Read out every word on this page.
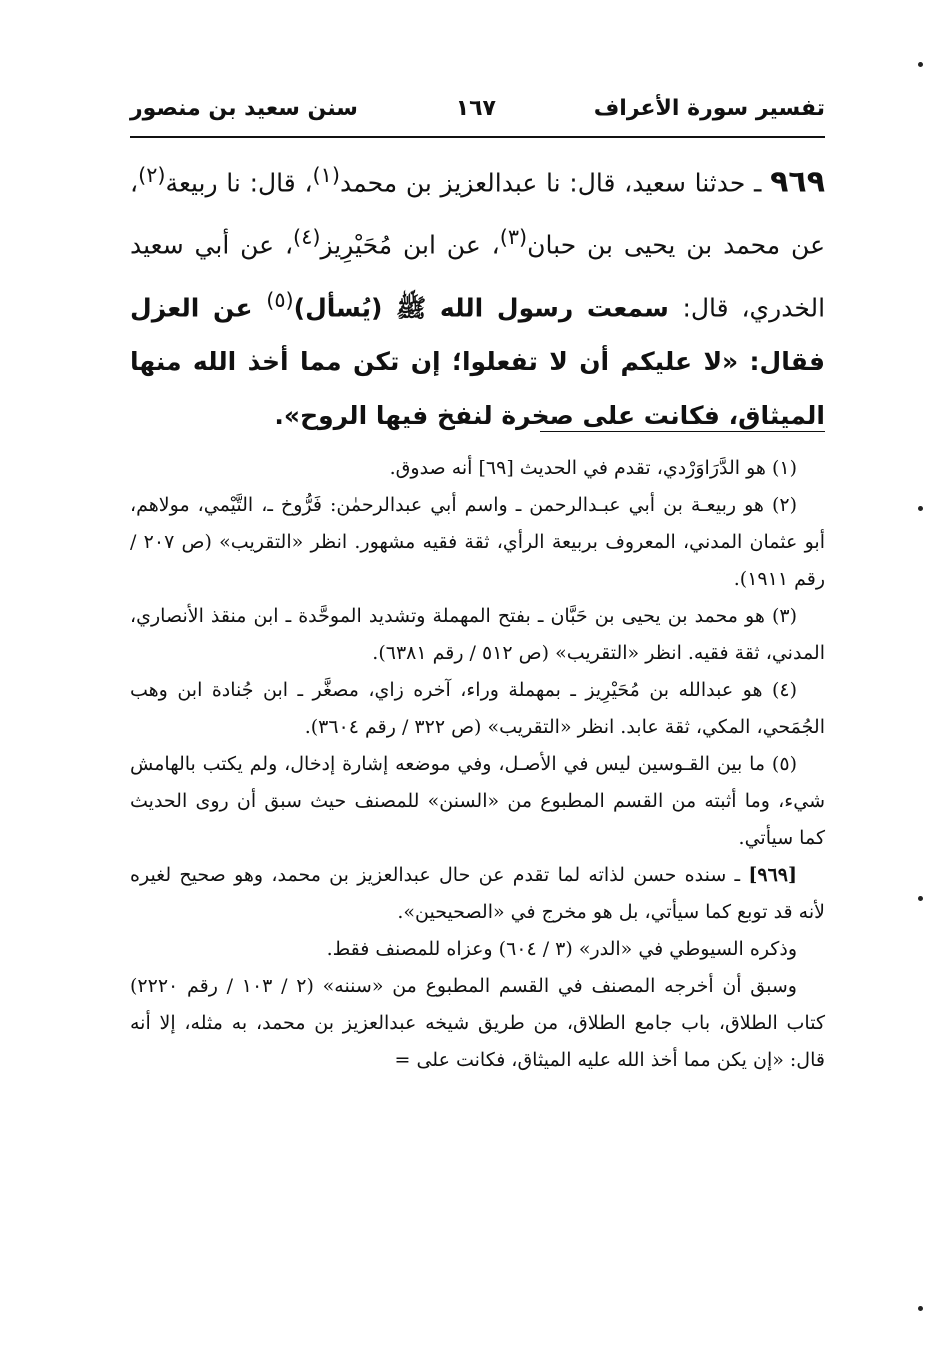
تفسير سورة الأعراف
١٦٧
سنن سعيد بن منصور
٩٦٩ ـ حدثنا سعيد، قال: نا عبدالعزيز بن محمد$^{(١)}$، قال: نا ربيعة$^{(٢)}$، عن محمد بن يحيى بن حبان$^{(٣)}$، عن ابن مُحَيْرِيز$^{(٤)}$، عن أبي سعيد الخدري، قال: سمعت رسول الله ﷺ (يُسأل)$^{(٥)}$ عن العزل فقال: «لا عليكم أن لا تفعلوا؛ إن تكن مما أخذ الله منها الميثاق، فكانت على صخرة لنفخ فيها الروح».

(١) هو الدَّرَاوَرْدي، تقدم في الحديث [٦٩] أنه صدوق.

(٢) هو ربيعـة بن أبي عبـدالرحمن ـ واسم أبي عبدالرحمٰن: فَرُّوخ ـ، التَّيْمي، مولاهم، أبو عثمان المدني، المعروف بربيعة الرأي، ثقة فقيه مشهور. انظر «التقريب» (ص ٢٠٧ / رقم ١٩١١).

(٣) هو محمد بن يحيى بن حَبَّان ـ بفتح المهملة وتشديد الموحَّدة ـ ابن منقذ الأنصاري، المدني، ثقة فقيه. انظر «التقريب» (ص ٥١٢ / رقم ٦٣٨١).

(٤) هو عبدالله بن مُحَيْرِيز ـ بمهملة وراء، آخره زاي، مصغَّر ـ ابن جُنادة ابن وهب الجُمَحي، المكي، ثقة عابد. انظر «التقريب» (ص ٣٢٢ / رقم ٣٦٠٤).

(٥) ما بين القـوسين ليس في الأصـل، وفي موضعه إشارة إدخال، ولم يكتب بالهامش شيء، وما أثبته من القسم المطبوع من «السنن» للمصنف حيث سبق أن روى الحديث كما سيأتي.

[٩٦٩] ـ سنده حسن لذاته لما تقدم عن حال عبدالعزيز بن محمد، وهو صحيح لغيره لأنه قد توبع كما سيأتي، بل هو مخرج في «الصحيحين».

وذكره السيوطي في «الدر» (٣ / ٦٠٤) وعزاه للمصنف فقط.

وسبق أن أخرجه المصنف في القسم المطبوع من «سننه» (٢ / ١٠٣ / رقم ٢٢٢٠) كتاب الطلاق، باب جامع الطلاق، من طريق شيخه عبدالعزيز بن محمد، به مثله، إلا أنه قال: «إن يكن مما أخذ الله عليه الميثاق، فكانت على =
